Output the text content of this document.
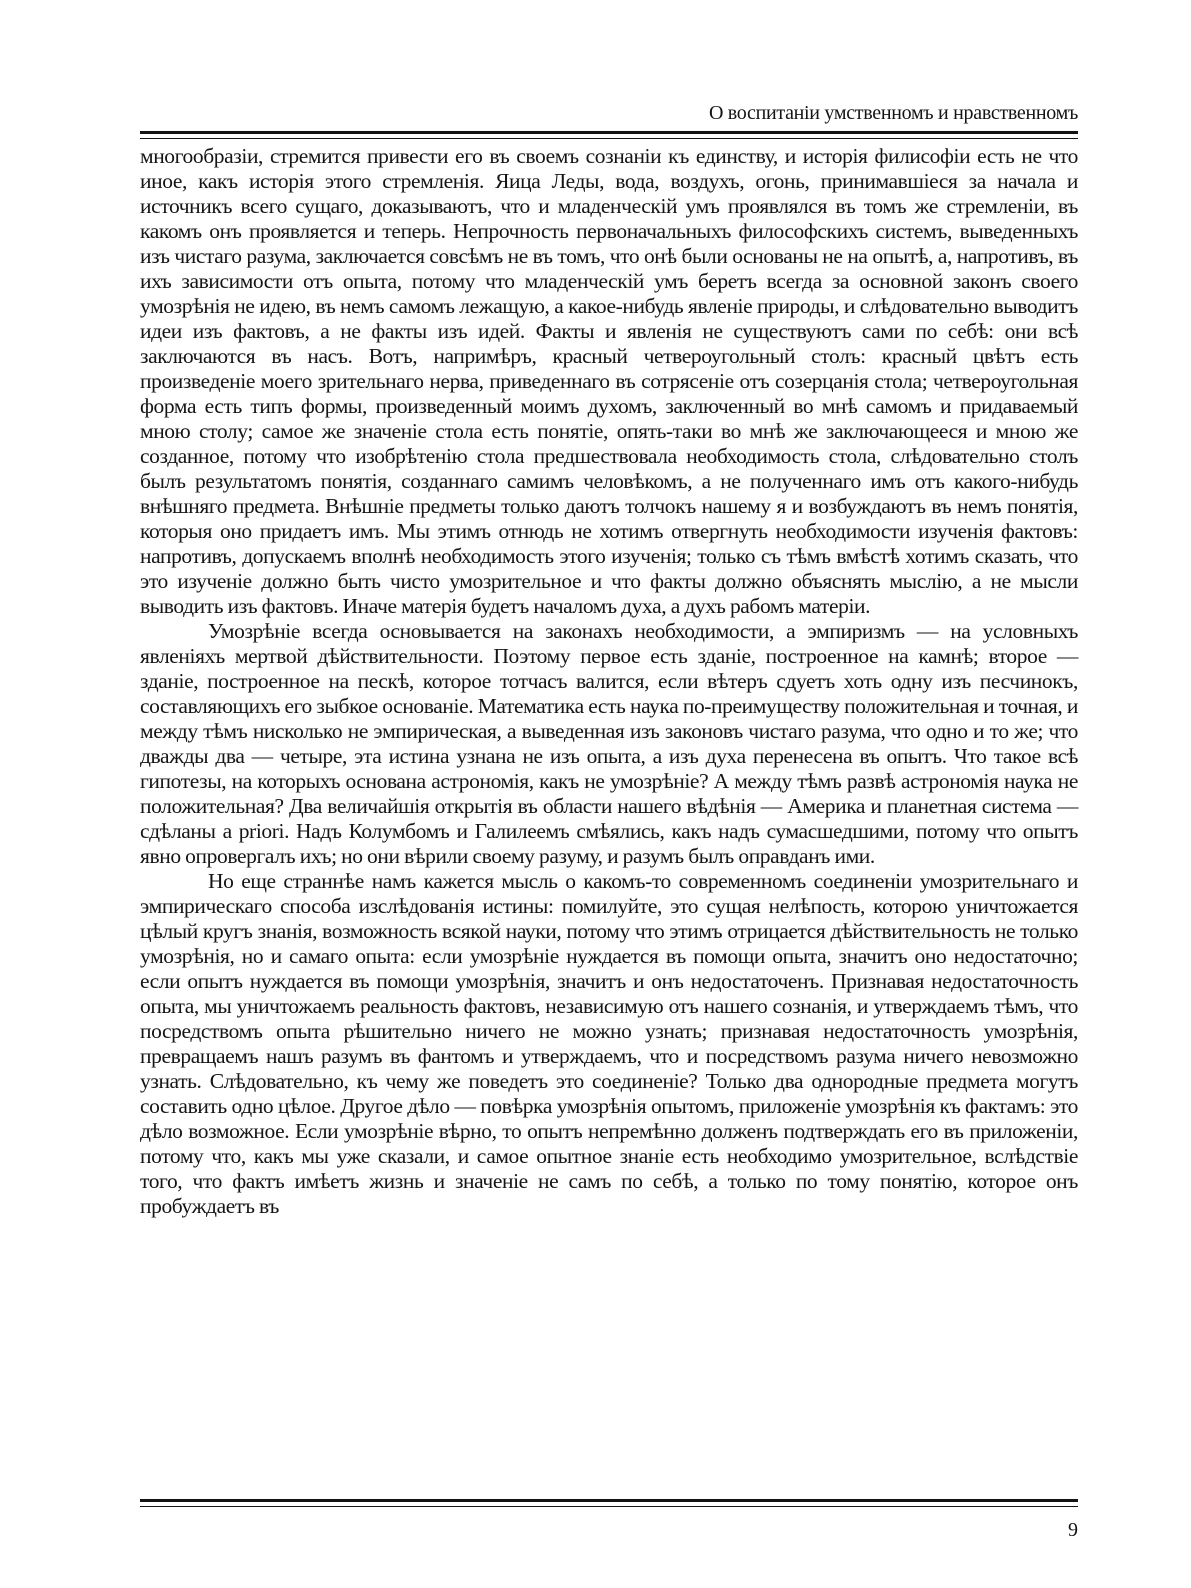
О воспитанiи умственномъ и нравственномъ

многообразiи, стремится привести его въ своемъ сознанiи къ единству, и исторiя филисофiи есть не что иное, какъ исторiя этого стремленiя. Яица Леды, вода, воздухъ, огонь, принимавшiеся за начала и источникъ всего сущаго, доказываютъ, что и младенческiй умъ проявлялся въ томъ же стремленiи, въ какомъ онъ проявляется и теперь. Непрочность первоначальныхъ философскихъ системъ, выведенныхъ изъ чистаго разума, заключается совсѣмъ не въ томъ, что онѣ были основаны не на опытѣ, а, напротивъ, въ ихъ зависимости отъ опыта, потому что младенческiй умъ беретъ всегда за основной законъ своего умозрѣнiя не идею, въ немъ самомъ лежащую, а какое-нибудь явленiе природы, и слѣдовательно выводитъ идеи изъ фактовъ, а не факты изъ идей. Факты и явленiя не существуютъ сами по себѣ: они всѣ заключаются въ насъ. Вотъ, напримѣръ, красный четвероугольный столъ: красный цвѣтъ есть произведенiе моего зрительнаго нерва, приведеннаго въ сотрясенiе отъ созерцанiя стола; четвероугольная форма есть типъ формы, произведенный моимъ духомъ, заключенный во мнѣ самомъ и придаваемый мною столу; самое же значенiе стола есть понятiе, опять-таки во мнѣ же заключающееся и мною же созданное, потому что изобрѣтенiю стола предшествовала необходимость стола, слѣдовательно столъ былъ результатомъ понятiя, созданнаго самимъ человѣкомъ, а не полученнаго имъ отъ какого-нибудь внѣшняго предмета. Внѣшнiе предметы только даютъ толчокъ нашему я и возбуждаютъ въ немъ понятiя, которыя оно придаетъ имъ. Мы этимъ отнюдь не хотимъ отвергнуть необходимости изученiя фактовъ: напротивъ, допускаемъ вполнѣ необходимость этого изученiя; только съ тѣмъ вмѣстѣ хотимъ сказать, что это изученiе должно быть чисто умозрительное и что факты должно объяснять мыслiю, а не мысли выводить изъ фактовъ. Иначе матерiя будетъ началомъ духа, а духъ рабомъ матерiи.

Умозрѣнiе всегда основывается на законахъ необходимости, а эмпиризмъ — на условныхъ явленiяхъ мертвой дѣйствительности. Поэтому первое есть зданiе, построенное на камнѣ; второе — зданiе, построенное на пескѣ, которое тотчасъ валится, если вѣтеръ сдуетъ хоть одну изъ песчинокъ, составляющихъ его зыбкое основанiе. Математика есть наука по-преимуществу положительная и точная, и между тѣмъ нисколько не эмпирическая, а выведенная изъ законовъ чистаго разума, что одно и то же; что дважды два — четыре, эта истина узнана не изъ опыта, а изъ духа перенесена въ опытъ. Что такое всѣ гипотезы, на которыхъ основана астрономiя, какъ не умозрѣнiе? А между тѣмъ развѣ астрономiя наука не положительная? Два величайшiя открытiя въ области нашего вѣдѣнiя — Америка и планетная система — сдѣланы a priori. Надъ Колумбомъ и Галилеемъ смѣялись, какъ надъ сумасшедшими, потому что опытъ явно опровергалъ ихъ; но они вѣрили своему разуму, и разумъ былъ оправданъ ими.

Но еще страннѣе намъ кажется мысль о какомъ-то современномъ соединенiи умозрительнаго и эмпирическаго способа изслѣдованiя истины: помилуйте, это сущая нелѣпость, которою уничтожается цѣлый кругъ знанiя, возможность всякой науки, потому что этимъ отрицается дѣйствительность не только умозрѣнiя, но и самаго опыта: если умозрѣнiе нуждается въ помощи опыта, значитъ оно недостаточно; если опытъ нуждается въ помощи умозрѣнiя, значитъ и онъ недостаточенъ. Признавая недостаточность опыта, мы уничтожаемъ реальность фактовъ, независимую отъ нашего сознанiя, и утверждаемъ тѣмъ, что посредствомъ опыта рѣшительно ничего не можно узнать; признавая недостаточность умозрѣнiя, превращаемъ нашъ разумъ въ фантомъ и утверждаемъ, что и посредствомъ разума ничего невозможно узнать. Слѣдовательно, къ чему же поведетъ это соединенiе? Только два однородные предмета могутъ составить одно цѣлое. Другое дѣло — повѣрка умозрѣнiя опытомъ, приложенiе умозрѣнiя къ фактамъ: это дѣло возможное. Если умозрѣнiе вѣрно, то опытъ непремѣнно долженъ подтверждать его въ приложенiи, потому что, какъ мы уже сказали, и самое опытное знанiе есть необходимо умозрительное, вслѣдствiе того, что фактъ имѣетъ жизнь и значенiе не самъ по себѣ, а только по тому понятiю, которое онъ пробуждаетъ въ

9
